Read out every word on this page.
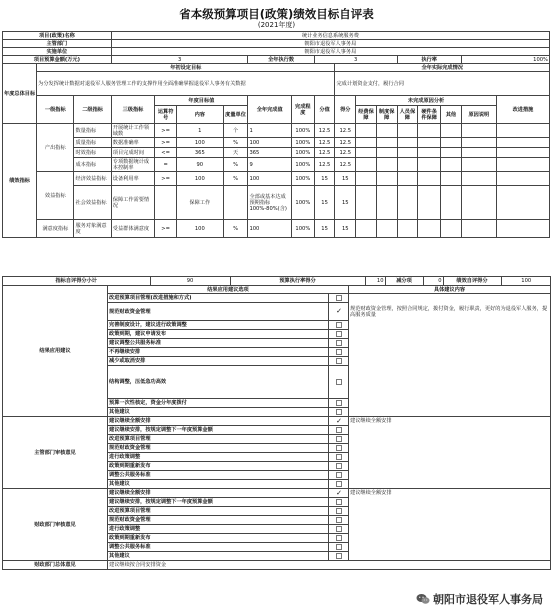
省本级预算项目(政策)绩效目标自评表
(2021年度)
项目(政策)名称			统计业务信息系统服务费														
主管部门			朝阳市退役军人事务局														
实施单位			朝阳市退役军人事务局														
项目预算金额(万元)			3				全年执行数		3				执行率			100%	
年度总体目标	年初设定目标									全年实际完成情况							
	为分发挥统计数据对退役军人服务管理工作的支撑作用全面准确掌握退役军人事务有关数据									完成计划资金支付，履行合同							
	一级指标	二级指标	三级指标	年度目标值			全年完成值	完成程度	分值	得分	未完成原因分析						改进措施
				运算符号	内容	度量单位					经费保障	制度保障	人员保障	硬件条件保障	其他	原因说明	
绩效指标	产出指标	数量指标	开展统计工作领域数	>=	1	个	1	100%	12.5	12.5							
		质量指标	数据准确率	>=	100	%	100	100%	12.5	12.5							
		时效指标	项目完成时间	<=	365	天	365	100%	12.5	12.5							
		成本指标	专项数据统计成本控制率	=	90	%	9	100%	12.5	12.5							
	效益指标	经济效益指标	设备利用率	>=	100	%	100	100%	15	15							
		社会效益指标	保障工作需要情况		保障工作		全部或基本达成预期指标100%-80%(含)	100%	15	15							
	满意度指标	服务对象满意度	受益群体满意度	>=	100	%	100	100%	15	15							
指标自评得分小计	90	预算执行率得分	10	减分项	0	绩效自评得分	100

结果应用建议	结果应用建议选项	具体建议内容
改进预算项目管理(改进措施和方式)		规范财政资金管理，按照合同规定，拨付资金，履行职责，更好的为退役军人服务，提高服务质量
规范财政资金管理	✓
完善制度设计，建议进行政策调整	
政策到期，建议申请发布	
建议调整公共服务标准	
不再继续安排	
减少或取消安排	
结构调整，压低急功高效	
预算一次性核定，资金分年度拨付	
其他建议	
主管部门审核意见	建议继续全额安排	✓	建议继续全额安排
建议继续安排，按规定调整下一年度预算金额	
改进预算项目管理	
规范财政资金管理	
进行政策调整	
政策到期重新发布	
调整公共服务标准	
其他建议	
财政部门审核意见	建议继续全额安排	✓	建议继续全额安排
建议继续安排，按规定调整下一年度预算金额	
改进预算项目管理	
规范财政资金管理	
进行政策调整	
政策到期重新发布	
调整公共服务标准	
其他建议	
财政部门总体意见	建议继续按合同安排资金
朝阳市退役军人事务局
